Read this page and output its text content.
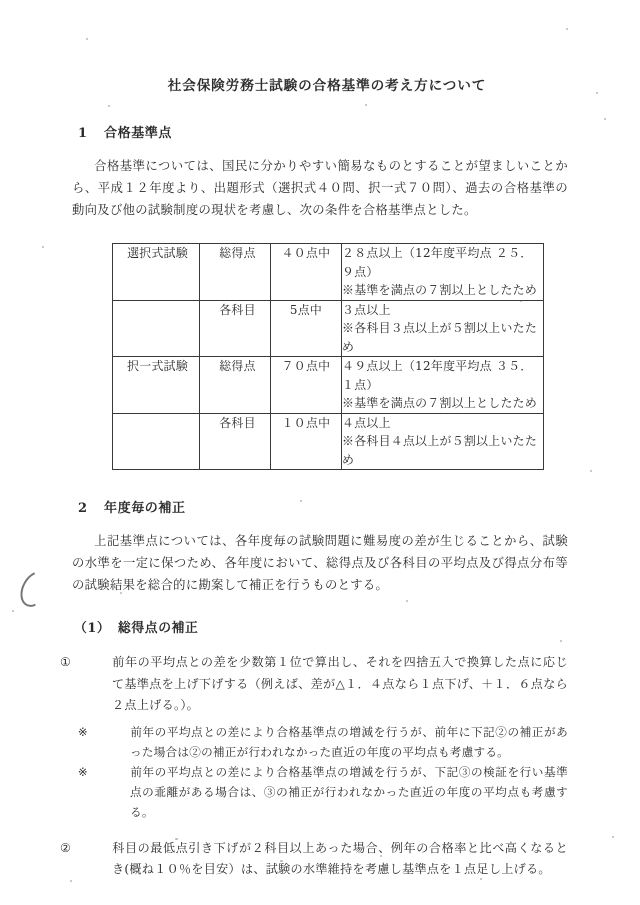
社会保険労務士試験の合格基準の考え方について
1 合格基準点

合格基準については、国民に分かりやすい簡易なものとすることが望ましいことから、平成１２年度より、出題形式（選択式４０問、択一式７０問）、過去の合格基準の動向及び他の試験制度の現状を考慮し、次の条件を合格基準点とした。

選択式試験	総得点	４０点中	２８点以上（12年度平均点 ２５．９点）
※基準を満点の７割以上としたため

	各科目	5点中	３点以上
※各科目３点以上が５割以上いたため

択一式試験	総得点	７０点中	４９点以上（12年度平均点 ３５．１点）
※基準を満点の７割以上としたため

	各科目	１０点中	４点以上
※各科目４点以上が５割以上いたため
2 年度毎の補正

上記基準点については、各年度毎の試験問題に難易度の差が生じることから、試験の水準を一定に保つため、各年度において、総得点及び各科目の平均点及び得点分布等の試験結果を総合的に勘案して補正を行うものとする。

（1） 総得点の補正

①	前年の平均点との差を少数第１位で算出し、それを四捨五入で換算した点に応じて基準点を上げ下げする（例えば、差が△１．４点なら１点下げ、＋１．６点なら２点上げる。）。

※	前年の平均点との差により合格基準点の増減を行うが、前年に下記②の補正があった場合は②の補正が行われなかった直近の年度の平均点も考慮する。

※	前年の平均点との差により合格基準点の増減を行うが、下記③の検証を行い基準点の乖離がある場合は、③の補正が行われなかった直近の年度の平均点も考慮する。

②	科目の最低点引き下げが２科目以上あった場合、例年の合格率と比べ高くなるとき(概ね１０％を目安）は、試験の水準維持を考慮し基準点を１点足し上げる。
